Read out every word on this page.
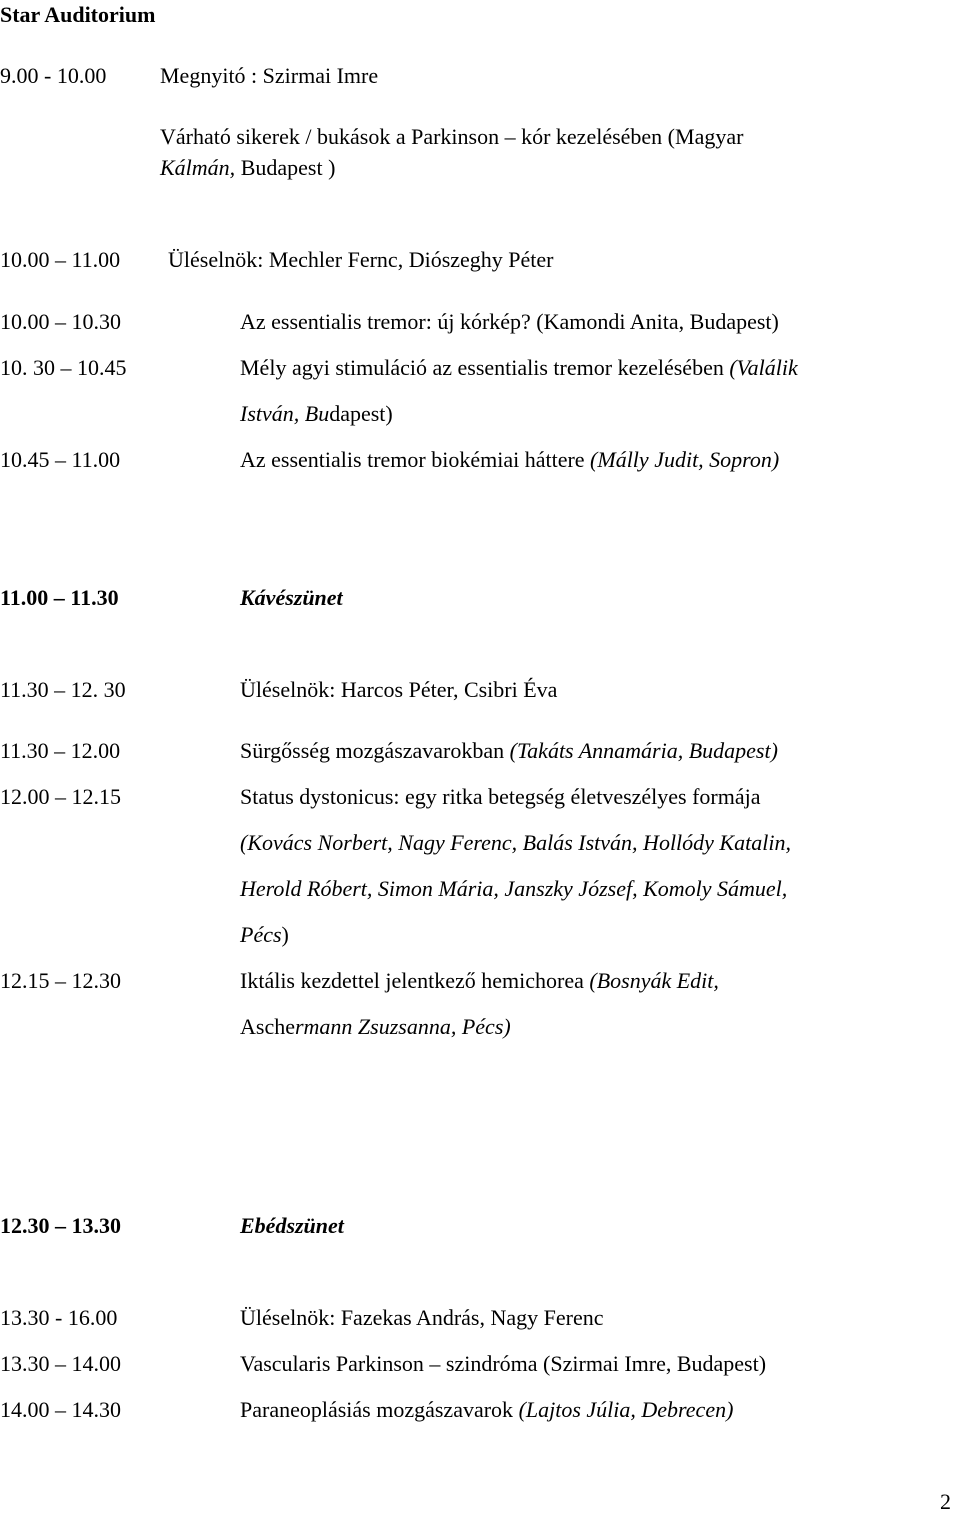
Star Auditorium
9.00 - 10.00 Megnyitó : Szirmai Imre
Várható sikerek / bukások a Parkinson – kór kezelésében (Magyar
Kálmán, Budapest )
10.00 – 11.00 Üléselnök: Mechler Fernc, Diószeghy Péter
10.00 – 10.30	Az essentialis tremor: új kórkép? (Kamondi Anita, Budapest)
10. 30 – 10.45	Mély agyi stimuláció az essentialis tremor kezelésében (Valálik
István, Budapest)
10.45 – 11.00	Az essentialis tremor biokémiai háttere (Málly Judit, Sopron)
11.00 – 11.30	Kávészünet
11.30 – 12. 30	Üléselnök: Harcos Péter, Csibri Éva
11.30 – 12.00	Sürgősség mozgászavarokban (Takáts Annamária, Budapest)
12.00 – 12.15	Status dystonicus: egy ritka betegség életveszélyes formája
(Kovács Norbert, Nagy Ferenc, Balás István, Hollódy Katalin,
Herold Róbert, Simon Mária, Janszky József, Komoly Sámuel,
Pécs)
12.15 – 12.30	Iktális kezdettel jelentkező hemichorea (Bosnyák Edit,
Aschermann Zsuzsanna, Pécs)
12.30 – 13.30	Ebédszünet
13.30 - 16.00	Üléselnök: Fazekas András, Nagy Ferenc
13.30 – 14.00	Vascularis Parkinson – szindróma (Szirmai Imre, Budapest)
14.00 – 14.30	Paraneoplásiás mozgászavarok (Lajtos Júlia, Debrecen)
2
